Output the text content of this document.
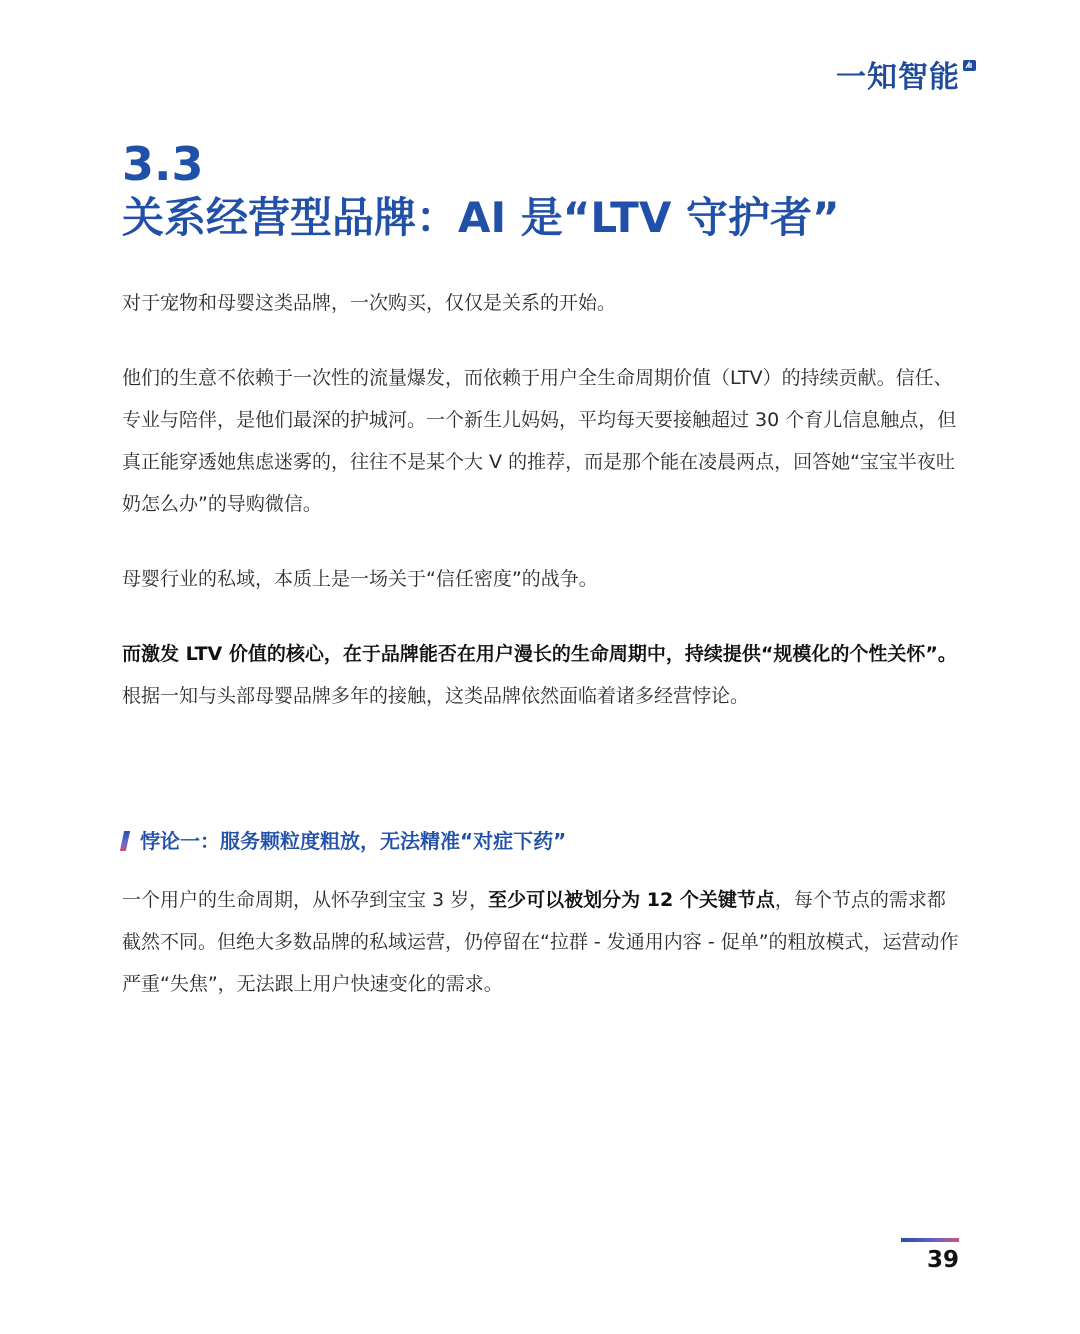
一知智能
3.3
关系经营型品牌：AI 是“LTV 守护者”

对于宠物和母婴这类品牌，一次购买，仅仅是关系的开始。

他们的生意不依赖于一次性的流量爆发，而依赖于用户全生命周期价值（LTV）的持续贡献。信任、专业与陪伴，是他们最深的护城河。一个新生儿妈妈，平均每天要接触超过 30 个育儿信息触点，但真正能穿透她焦虑迷雾的，往往不是某个大 V 的推荐，而是那个能在凌晨两点，回答她“宝宝半夜吐奶怎么办”的导购微信。

母婴行业的私域，本质上是一场关于“信任密度”的战争。

而激发 LTV 价值的核心，在于品牌能否在用户漫长的生命周期中，持续提供“规模化的个性关怀”。根据一知与头部母婴品牌多年的接触，这类品牌依然面临着诸多经营悖论。

悖论一：服务颗粒度粗放，无法精准“对症下药”

一个用户的生命周期，从怀孕到宝宝 3 岁，至少可以被划分为 12 个关键节点，每个节点的需求都截然不同。但绝大多数品牌的私域运营，仍停留在“拉群 - 发通用内容 - 促单”的粗放模式，运营动作严重“失焦”，无法跟上用户快速变化的需求。

39
